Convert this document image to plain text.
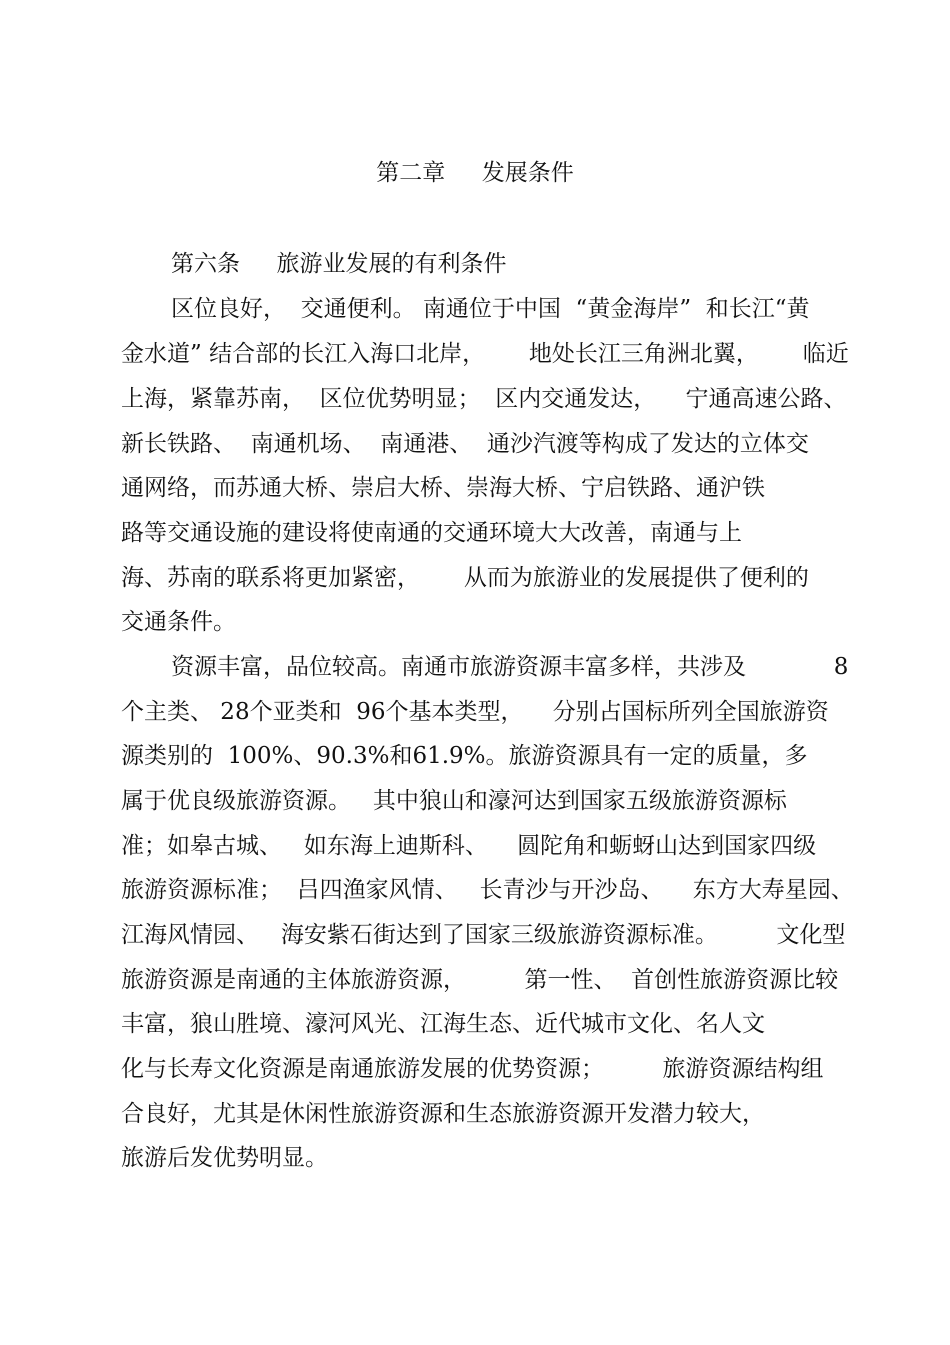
第二章     发展条件
第六条     旅游业发展的有利条件
区位良好，  交通便利。 南通位于中国  “黄金海岸”  和长江“黄
金水道” 结合部的长江入海口北岸，      地处长江三角洲北翼，      临近
上海，紧靠苏南，  区位优势明显；  区内交通发达，    宁通高速公路、
新长铁路、  南通机场、  南通港、  通沙汽渡等构成了发达的立体交
通网络，而苏通大桥、崇启大桥、崇海大桥、宁启铁路、通沪铁
路等交通设施的建设将使南通的交通环境大大改善，南通与上
海、苏南的联系将更加紧密，      从而为旅游业的发展提供了便利的
交通条件。
资源丰富，品位较高。南通市旅游资源丰富多样，共涉及            8
个主类、 28个亚类和  96个基本类型，    分别占国标所列全国旅游资
源类别的  100%、90.3%和61.9%。旅游资源具有一定的质量，多
属于优良级旅游资源。   其中狼山和濠河达到国家五级旅游资源标
准；如皋古城、   如东海上迪斯科、    圆陀角和蛎蚜山达到国家四级
旅游资源标准；  吕四渔家风情、   长青沙与开沙岛、    东方大寿星园、
江海风情园、   海安紫石街达到了国家三级旅游资源标准。        文化型
旅游资源是南通的主体旅游资源，        第一性、  首创性旅游资源比较
丰富，狼山胜境、濠河风光、江海生态、近代城市文化、名人文
化与长寿文化资源是南通旅游发展的优势资源；        旅游资源结构组
合良好，尤其是休闲性旅游资源和生态旅游资源开发潜力较大，
旅游后发优势明显。
